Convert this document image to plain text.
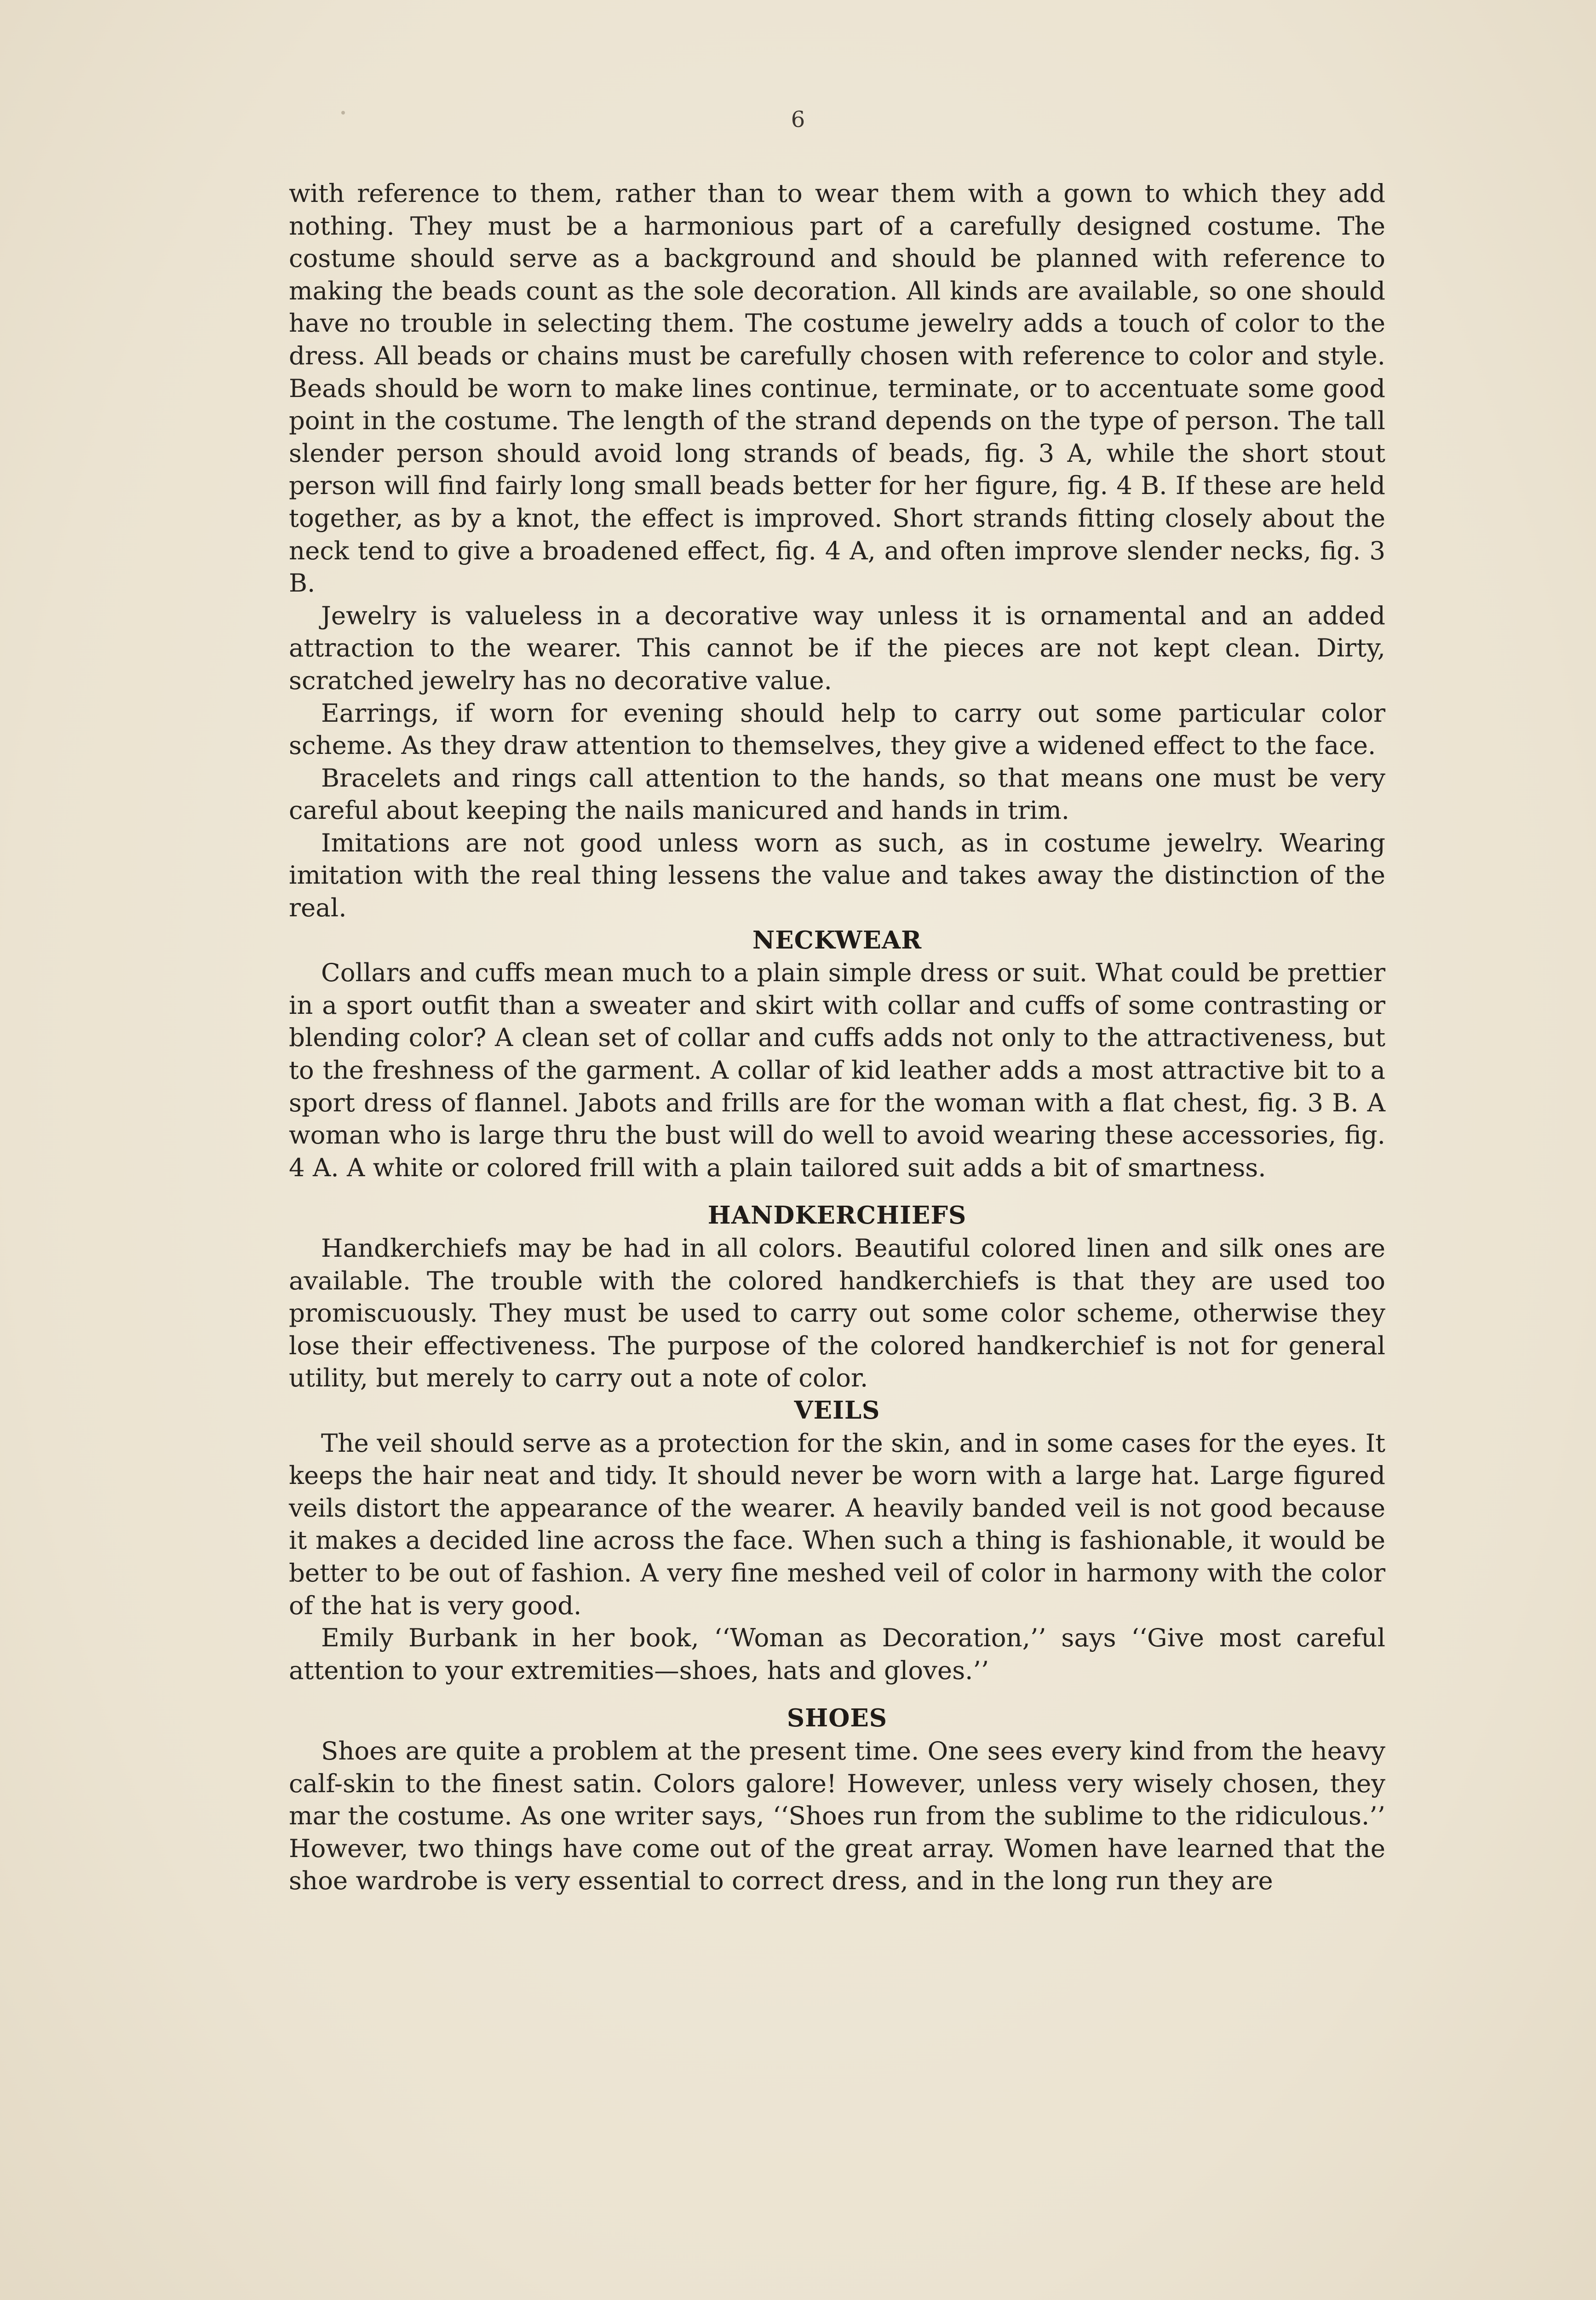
6

with reference to them, rather than to wear them with a gown to which they add nothing. They must be a harmonious part of a carefully designed costume. The costume should serve as a background and should be planned with reference to making the beads count as the sole decoration. All kinds are available, so one should have no trouble in selecting them. The costume jewelry adds a touch of color to the dress. All beads or chains must be carefully chosen with reference to color and style. Beads should be worn to make lines continue, terminate, or to accentuate some good point in the costume. The length of the strand depends on the type of person. The tall slender person should avoid long strands of beads, fig. 3 A, while the short stout person will find fairly long small beads better for her figure, fig. 4 B. If these are held together, as by a knot, the effect is improved. Short strands fitting closely about the neck tend to give a broadened effect, fig. 4 A, and often improve slender necks, fig. 3 B.

Jewelry is valueless in a decorative way unless it is ornamental and an added attraction to the wearer. This cannot be if the pieces are not kept clean. Dirty, scratched jewelry has no decorative value.

Earrings, if worn for evening should help to carry out some particular color scheme. As they draw attention to themselves, they give a widened effect to the face.

Bracelets and rings call attention to the hands, so that means one must be very careful about keeping the nails manicured and hands in trim.

Imitations are not good unless worn as such, as in costume jewelry. Wearing imitation with the real thing lessens the value and takes away the distinction of the real.

NECKWEAR

Collars and cuffs mean much to a plain simple dress or suit. What could be prettier in a sport outfit than a sweater and skirt with collar and cuffs of some contrasting or blending color? A clean set of collar and cuffs adds not only to the attractiveness, but to the freshness of the garment. A collar of kid leather adds a most attractive bit to a sport dress of flannel. Jabots and frills are for the woman with a flat chest, fig. 3 B. A woman who is large thru the bust will do well to avoid wearing these accessories, fig. 4 A. A white or colored frill with a plain tailored suit adds a bit of smartness.

HANDKERCHIEFS

Handkerchiefs may be had in all colors. Beautiful colored linen and silk ones are available. The trouble with the colored handkerchiefs is that they are used too promiscuously. They must be used to carry out some color scheme, otherwise they lose their effectiveness. The purpose of the colored handkerchief is not for general utility, but merely to carry out a note of color.

VEILS

The veil should serve as a protection for the skin, and in some cases for the eyes. It keeps the hair neat and tidy. It should never be worn with a large hat. Large figured veils distort the appearance of the wearer. A heavily banded veil is not good because it makes a decided line across the face. When such a thing is fashionable, it would be better to be out of fashion. A very fine meshed veil of color in harmony with the color of the hat is very good.

Emily Burbank in her book, ‘‘Woman as Decoration,’’ says ‘‘Give most careful attention to your extremities—shoes, hats and gloves.’’

SHOES

Shoes are quite a problem at the present time. One sees every kind from the heavy calf-skin to the finest satin. Colors galore! However, unless very wisely chosen, they mar the costume. As one writer says, ‘‘Shoes run from the sublime to the ridiculous.’’ However, two things have come out of the great array. Women have learned that the shoe wardrobe is very essential to correct dress, and in the long run they are
